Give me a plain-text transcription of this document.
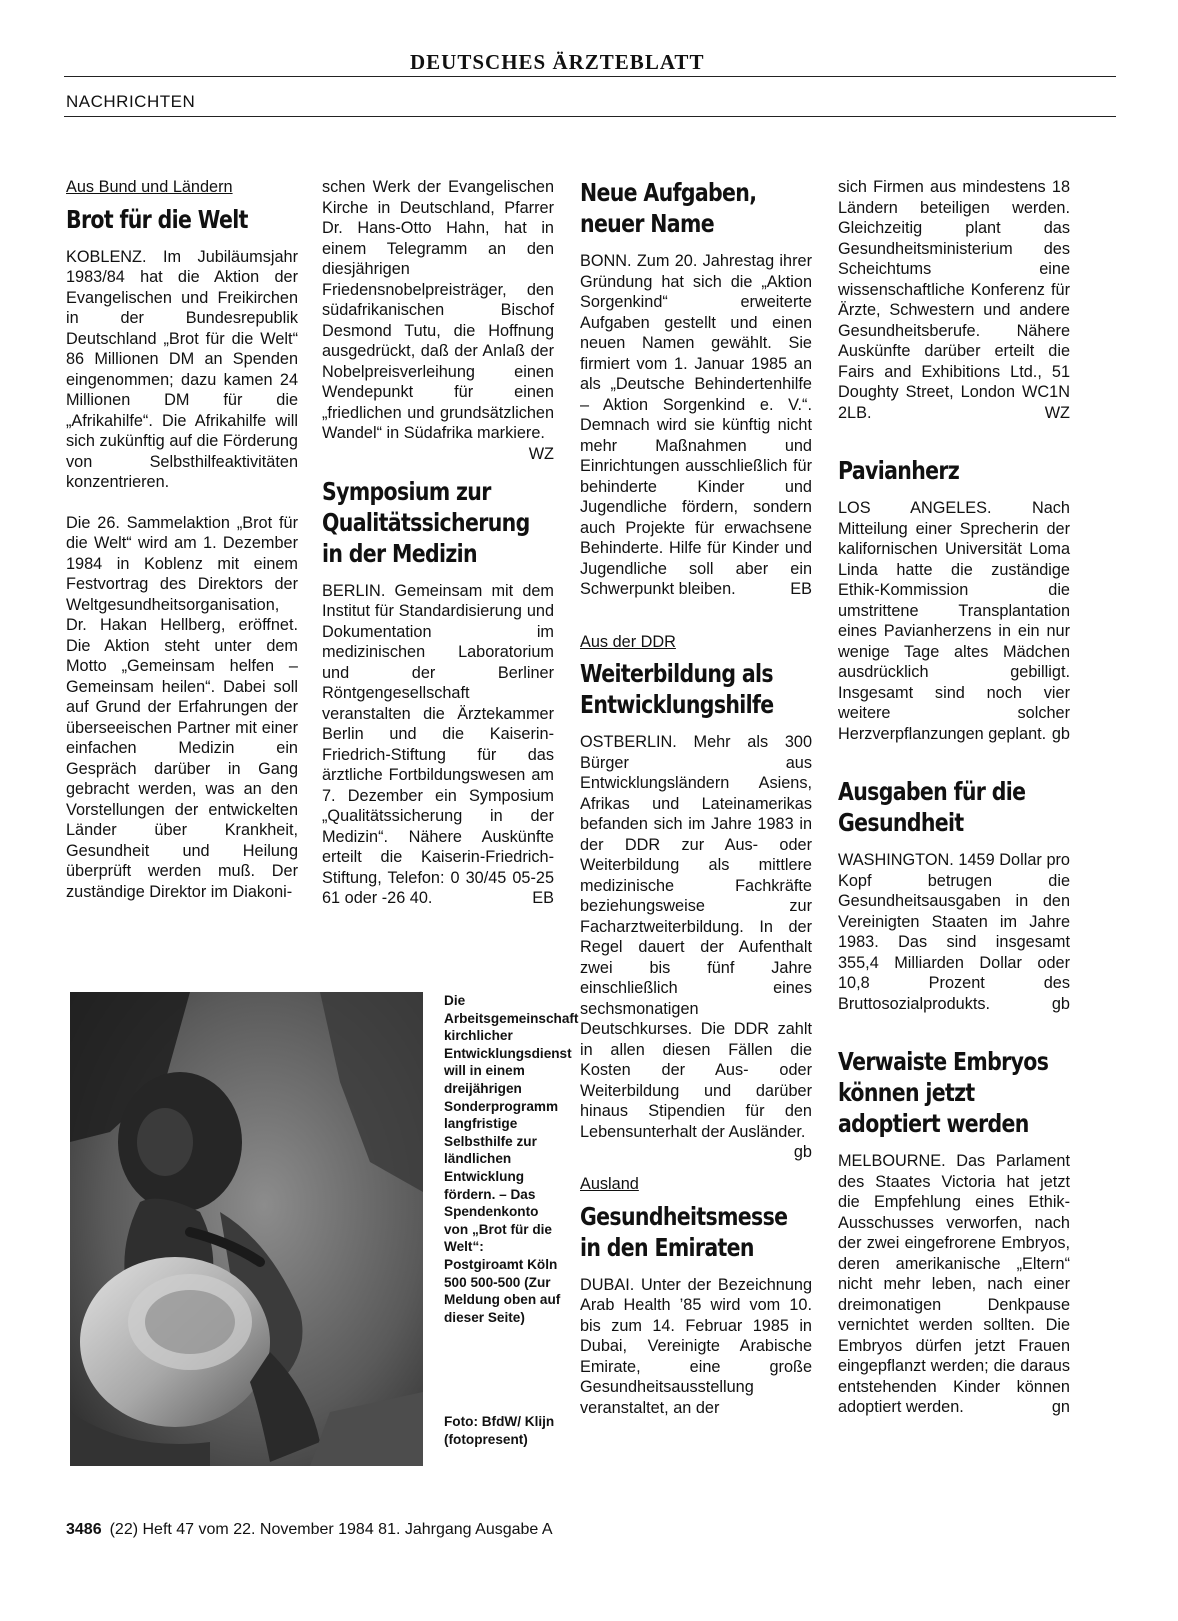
DEUTSCHES ÄRZTEBLATT
NACHRICHTEN
Aus Bund und Ländern
Brot für die Welt

KOBLENZ. Im Jubiläumsjahr 1983/84 hat die Aktion der Evangelischen und Freikirchen in der Bundesrepublik Deutschland „Brot für die Welt“ 86 Millionen DM an Spenden eingenommen; dazu kamen 24 Millionen DM für die „Afrikahilfe“. Die Afrikahilfe will sich zukünftig auf die Förderung von Selbsthilfeaktivitäten konzentrieren.

Die 26. Sammelaktion „Brot für die Welt“ wird am 1. Dezember 1984 in Koblenz mit einem Festvortrag des Direktors der Weltgesundheitsorganisation, Dr. Hakan Hellberg, eröffnet. Die Aktion steht unter dem Motto „Gemeinsam helfen – Gemeinsam heilen“. Dabei soll auf Grund der Erfahrungen der überseeischen Partner mit einer einfachen Medizin ein Gespräch darüber in Gang gebracht werden, was an den Vorstellungen der entwickelten Länder über Krankheit, Gesundheit und Heilung überprüft werden muß. Der zuständige Direktor im Diakoni-

schen Werk der Evangelischen Kirche in Deutschland, Pfarrer Dr. Hans-Otto Hahn, hat in einem Telegramm an den diesjährigen Friedensnobelpreisträger, den südafrikanischen Bischof Desmond Tutu, die Hoffnung ausgedrückt, daß der Anlaß der Nobelpreisverleihung einen Wendepunkt für einen „friedlichen und grundsätzlichen Wandel“ in Südafrika markiere.
WZ

Symposium zur Qualitätssicherung in der Medizin

BERLIN. Gemeinsam mit dem Institut für Standardisierung und Dokumentation im medizinischen Laboratorium und der Berliner Röntgengesellschaft veranstalten die Ärztekammer Berlin und die Kaiserin-Friedrich-Stiftung für das ärztliche Fortbildungswesen am 7. Dezember ein Symposium „Qualitätssicherung in der Medizin“. Nähere Auskünfte erteilt die Kaiserin-Friedrich-Stiftung, Telefon: 0 30/45 05-25 61 oder -26 40.	EB

Neue Aufgaben, neuer Name

BONN. Zum 20. Jahrestag ihrer Gründung hat sich die „Aktion Sorgenkind“ erweiterte Aufgaben gestellt und einen neuen Namen gewählt. Sie firmiert vom 1. Januar 1985 an als „Deutsche Behindertenhilfe – Aktion Sorgenkind e. V.“. Demnach wird sie künftig nicht mehr Maßnahmen und Einrichtungen ausschließlich für behinderte Kinder und Jugendliche fördern, sondern auch Projekte für erwachsene Behinderte. Hilfe für Kinder und Jugendliche soll aber ein Schwerpunkt bleiben.	EB

Aus der DDR
Weiterbildung als Entwicklungshilfe

OSTBERLIN. Mehr als 300 Bürger aus Entwicklungsländern Asiens, Afrikas und Lateinamerikas befanden sich im Jahre 1983 in der DDR zur Aus- oder Weiterbildung als mittlere medizinische Fachkräfte beziehungsweise zur Facharztweiterbildung. In der Regel dauert der Aufenthalt zwei bis fünf Jahre einschließlich eines sechsmonatigen Deutschkurses. Die DDR zahlt in allen diesen Fällen die Kosten der Aus- oder Weiterbildung und darüber hinaus Stipendien für den Lebensunterhalt der Ausländer.
gb

Ausland
Gesundheitsmesse in den Emiraten

DUBAI. Unter der Bezeichnung Arab Health ’85 wird vom 10. bis zum 14. Februar 1985 in Dubai, Vereinigte Arabische Emirate, eine große Gesundheitsausstellung veranstaltet, an der

sich Firmen aus mindestens 18 Ländern beteiligen werden. Gleichzeitig plant das Gesundheitsministerium des Scheichtums eine wissenschaftliche Konferenz für Ärzte, Schwestern und andere Gesundheitsberufe. Nähere Auskünfte darüber erteilt die Fairs and Exhibitions Ltd., 51 Doughty Street, London WC1N 2LB.	WZ

Pavianherz

LOS ANGELES. Nach Mitteilung einer Sprecherin der kalifornischen Universität Loma Linda hatte die zuständige Ethik-Kommission die umstrittene Transplantation eines Pavianherzens in ein nur wenige Tage altes Mädchen ausdrücklich gebilligt. Insgesamt sind noch vier weitere solcher Herzverpflanzungen geplant. gb

Ausgaben für die Gesundheit

WASHINGTON. 1459 Dollar pro Kopf betrugen die Gesundheitsausgaben in den Vereinigten Staaten im Jahre 1983. Das sind insgesamt 355,4 Milliarden Dollar oder 10,8 Prozent des Bruttosozialprodukts.	gb

Verwaiste Embryos können jetzt adoptiert werden

MELBOURNE. Das Parlament des Staates Victoria hat jetzt die Empfehlung eines Ethik-Ausschusses verworfen, nach der zwei eingefrorene Embryos, deren amerikanische „Eltern“ nicht mehr leben, nach einer dreimonatigen Denkpause vernichtet werden sollten. Die Embryos dürfen jetzt Frauen eingepflanzt werden; die daraus entstehenden Kinder können adoptiert werden.	gn

Die Arbeitsgemeinschaft kirchlicher Entwicklungsdienst will in einem dreijährigen Sonderprogramm langfristige Selbsthilfe zur ländlichen Entwicklung fördern. – Das Spendenkonto von „Brot für die Welt“: Postgiroamt Köln 500 500-500 (Zur Meldung oben auf dieser Seite)
Foto: BfdW/ Klijn (fotopresent)
3486 (22) Heft 47 vom 22. November 1984 81. Jahrgang Ausgabe A
